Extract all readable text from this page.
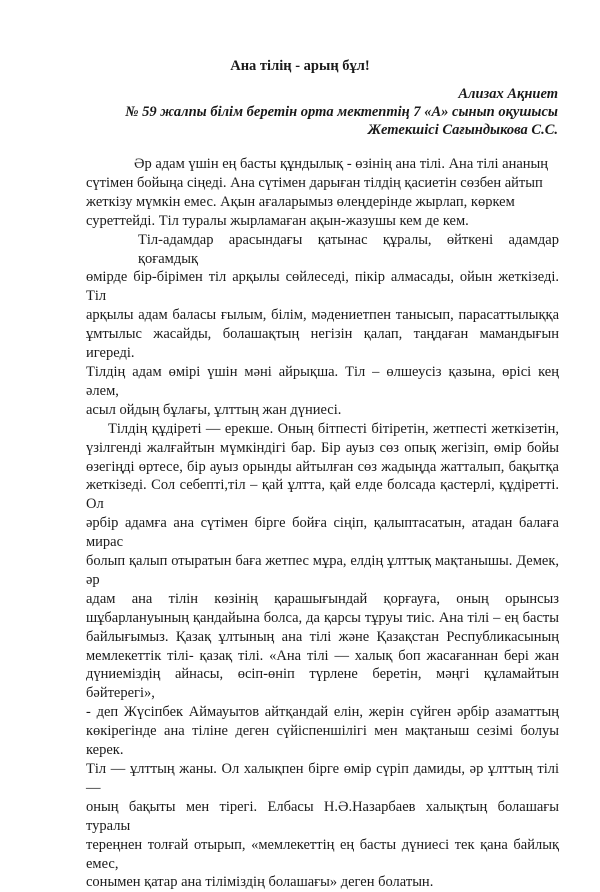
Ана тілің - арың бұл!
Ализах Ақниет
№ 59 жалпы білім беретін орта мектептің 7 «А» сынып оқушысы
Жетекшісі Сағындыкова С.С.
Әр адам үшін ең басты құндылық - өзінің ана тілі. Ана тілі ананың
сүтімен бойыңа сіңеді. Ана сүтімен дарыған тілдің қасиетін сөзбен айтып
жеткізу мүмкін емес. Ақын ағаларымыз өлеңдерінде жырлап, көркем
суреттейді. Тіл туралы жырламаған ақын-жазушы кем де кем.
Тіл-адамдар арасындағы қатынас құралы, өйткені адамдар қоғамдық
өмірде бір-бірімен тіл арқылы сөйлеседі, пікір алмасады, ойын жеткізеді. Тіл
арқылы адам баласы ғылым, білім, мәдениетпен танысып, парасаттылыққа
ұмтылыс жасайды, болашақтың негізін қалап, таңдаған мамандығын игереді.
Тілдің адам өмірі үшін мәні айрықша. Тіл – өлшеусіз қазына, өрісі кең әлем,
асыл ойдың бұлағы, ұлттың жан дүниесі.
Тілдің құдіреті — ерекше. Оның бітпесті бітіретін, жетпесті жеткізетін,
үзілгенді жалғайтын мүмкіндігі бар. Бір ауыз сөз опық жегізіп, өмір бойы
өзегіңді өртесе, бір ауыз орынды айтылған сөз жадыңда жатталып, бақытқа
жеткізеді. Сол себепті,тіл – қай ұлтта, қай елде болсада қастерлі, құдіретті. Ол
әрбір адамға ана сүтімен бірге бойға сіңіп, қалыптасатын, атадан балаға мирас
болып қалып отыратын баға жетпес мұра, елдің ұлттық мақтанышы. Демек, әр
адам ана тілін көзінің қарашығындай қорғауға, оның орынсыз
шұбарлануының қандайына болса, да қарсы тұруы тиіс. Ана тілі – ең басты
байлығымыз. Қазақ ұлтының ана тілі және Қазақстан Республикасының
мемлекеттік тілі- қазақ тілі. «Ана тілі — халық боп жасағаннан бері жан
дүниеміздің айнасы, өсіп-өніп түрлене беретін, мәңгі құламайтын бәйтерегі»,
- деп Жүсіпбек Аймауытов айтқандай елін, жерін сүйген әрбір азаматтың
көкірегінде ана тіліне деген сүйіспеншілігі мен мақтаныш сезімі болуы керек.
Тіл — ұлттың жаны. Ол халықпен бірге өмір сүріп дамиды, әр ұлттың тілі —
оның бақыты мен тірегі. Елбасы Н.Ә.Назарбаев халықтың болашағы туралы
тереңнен толғай отырып, «мемлекеттің ең басты дүниесі тек қана байлық емес,
сонымен қатар ана тіліміздің болашағы» деген болатын.
